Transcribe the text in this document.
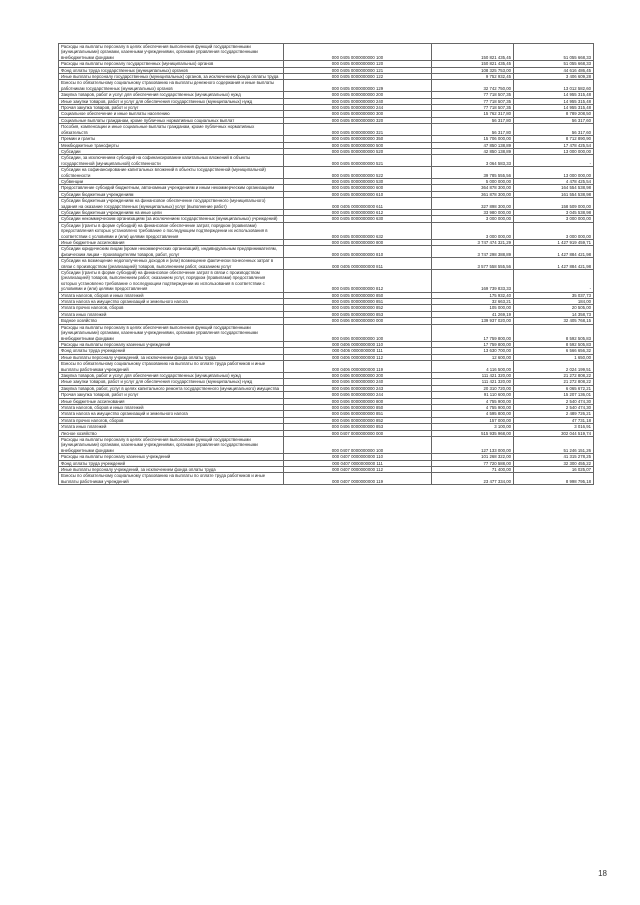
Расходы на выплаты персоналу в целях обеспечения выполнения функций государственными (муниципальными) органами, казенными учреждениями, органами управления государственными внебюджетными фондами	000 0405 0000000000 100	150 821 435,45	51 055 668,33
Расходы на выплаты персоналу государственных (муниципальных) органов	000 0405 0000000000 120	150 821 435,45	51 055 668,33
Фонд оплаты труда государственных (муниципальных) органов	000 0405 0000000000 121	108 325 753,00	44 616 486,45
Иные выплаты персоналу государственных (муниципальных) органов, за исключением фонда оплаты труда	000 0405 0000000000 122	9 752 932,45	3 406 609,28
Взносы по обязательному социальному страхованию на выплаты денежного содержания и иные выплаты работникам государственных (муниципальных) органов	000 0405 0000000000 129	32 742 750,00	13 012 582,60
Закупка товаров, работ и услуг для обеспечения государственных (муниципальных) нужд	000 0405 0000000000 200	77 718 507,35	14 955 315,48
Иные закупки товаров, работ и услуг для обеспечения государственных (муниципальных) нужд	000 0405 0000000000 240	77 718 507,35	14 955 315,48
Прочая закупка товаров, работ и услуг	000 0405 0000000000 244	77 718 507,35	14 955 315,48
Социальное обеспечение и иные выплаты населению	000 0405 0000000000 300	15 762 317,80	8 789 208,50
Социальные выплаты гражданам, кроме публичных нормативных социальных выплат	000 0405 0000000000 320	56 317,80	56 317,60
Пособия, компенсации и иные социальные выплаты гражданам, кроме публичных нормативных обязательств	000 0405 0000000000 321	56 317,80	56 317,60
Премии и гранты	000 0405 0000000000 350	15 706 000,00	8 712 890,90
Межбюджетные трансферты	000 0405 0000000000 500	47 850 138,89	17 478 425,54
Субсидии	000 0405 0000000000 520	42 850 138,89	13 000 000,00
Субсидии, за исключением субсидий на софинансирование капитальных вложений в объекты государственной (муниципальной) собственности	000 0405 0000000000 521	3 064 583,33	-
Субсидии на софинансирование капитальных вложений в объекты государственной (муниципальной) собственности	000 0405 0000000000 522	39 785 555,56	13 000 000,00
Субвенции	000 0405 0000000000 530	5 000 000,00	4 478 425,54
Предоставление субсидий бюджетным, автономным учреждениям и иным некоммерческим организациям	000 0405 0000000000 600	364 878 300,00	164 554 538,98
Субсидии бюджетным учреждениям	000 0405 0000000000 610	361 878 300,00	161 554 538,98
Субсидии бюджетным учреждениям на финансовое обеспечение государственного (муниципального) задания на оказание государственных (муниципальных) услуг (выполнение работ)	000 0405 0000000000 611	327 898 300,00	158 509 000,00
Субсидии бюджетным учреждениям на иные цели	000 0405 0000000000 612	33 980 000,00	3 045 538,98
Субсидии некоммерческим организациям (за исключением государственных (муниципальных) учреждений)	000 0405 0000000000 630	3 000 000,00	3 000 000,00
Субсидии (гранты в форме субсидий) на финансовое обеспечение затрат, порядком (правилами) предоставления которых установлено требование о последующем подтверждении их использования в соответствии с условиями и (или) целями предоставления	000 0405 0000000000 632	3 000 000,00	3 000 000,00
Иные бюджетные ассигнования	000 0405 0000000000 800	3 747 474 321,29	1 427 919 459,71
Субсидии юридическим лицам (кроме некоммерческих организаций), индивидуальным предпринимателям, физическим лицам - производителям товаров, работ, услуг	000 0405 0000000000 810	3 747 298 388,89	1 427 884 421,98
Субсидии на возмещение недополученных доходов и (или) возмещение фактически понесенных затрат в связи с производством (реализацией) товаров, выполнением работ, оказанием услуг	000 0405 0000000000 811	3 577 558 555,56	1 427 884 421,98
Субсидии (гранты в форме субсидий) на финансовое обеспечение затрат в связи с производством (реализацией) товаров, выполнением работ, оказанием услуг, порядком (правилами) предоставления которых установлено требование о последующем подтверждении их использования в соответствии с условиями и (или) целями предоставления	000 0405 0000000000 812	169 739 833,33	-
Уплата налогов, сборов и иных платежей	000 0405 0000000000 850	175 932,40	35 037,73
Уплата налога на имущество организаций и земельного налога	000 0405 0000000000 851	32 663,21	184,00
Уплата прочих налогов, сборов	000 0405 0000000000 852	105 000,00	20 505,00
Уплата иных платежей	000 0405 0000000000 853	41 269,19	14 358,73
Водное хозяйство	000 0406 0000000000 000	139 937 020,00	32 405 768,15
Расходы на выплаты персоналу в целях обеспечения выполнения функций государственными (муниципальными) органами, казенными учреждениями, органами управления государственными внебюджетными фондами	000 0406 0000000000 100	17 759 800,00	8 592 505,83
Расходы на выплаты персоналу казенных учреждений	000 0406 0000000000 110	17 759 800,00	8 592 505,83
Фонд оплаты труда учреждений	000 0406 0000000000 111	13 630 700,00	6 566 656,32
Иные выплаты персоналу учреждений, за исключением фонда оплаты труда	000 0406 0000000000 112	12 600,00	1 650,00
Взносы по обязательному социальному страхованию на выплаты по оплате труда работников и иные выплаты работникам учреждений	000 0406 0000000000 119	4 116 500,00	2 024 199,51
Закупка товаров, работ и услуг для обеспечения государственных (муниципальных) нужд	000 0406 0000000000 200	111 421 320,00	21 272 808,22
Иные закупки товаров, работ и услуг для обеспечения государственных (муниципальных) нужд	000 0406 0000000000 240	111 421 320,00	21 272 808,22
Закупка товаров, работ, услуг в целях капитального ремонта государственного (муниципального) имущества	000 0406 0000000000 243	20 310 720,00	6 065 672,21
Прочая закупка товаров, работ и услуг	000 0406 0000000000 244	91 110 600,00	15 207 136,01
Иные бюджетные ассигнования	000 0406 0000000000 800	4 755 900,00	2 540 474,30
Уплата налогов, сборов и иных платежей	000 0406 0000000000 850	4 755 900,00	2 540 474,30
Уплата налога на имущество организаций и земельного налога	000 0406 0000000000 851	4 595 800,00	2 489 726,21
Уплата прочих налогов, сборов	000 0406 0000000000 852	157 000,00	47 731,18
Уплата иных платежей	000 0406 0000000000 853	3 100,00	3 016,91
Лесное хозяйство	000 0407 0000000000 000	515 935 968,00	302 044 519,74
Расходы на выплаты персоналу в целях обеспечения выполнения функций государственными (муниципальными) органами, казенными учреждениями, органами управления государственными внебюджетными фондами	000 0407 0000000000 100	127 133 000,00	51 246 151,26
Расходы на выплаты персоналу казенных учреждений	000 0407 0000000000 110	101 268 322,00	41 315 278,25
Фонд оплаты труда учреждений	000 0407 0000000000 111	77 720 588,00	32 300 455,22
Иные выплаты персоналу учреждений, за исключением фонда оплаты труда	000 0407 0000000000 112	71 400,00	16 025,07
Взносы по обязательному социальному страхованию на выплаты по оплате труда работников и иные выплаты работникам учреждений	000 0407 0000000000 119	23 477 334,00	8 998 795,18
18
